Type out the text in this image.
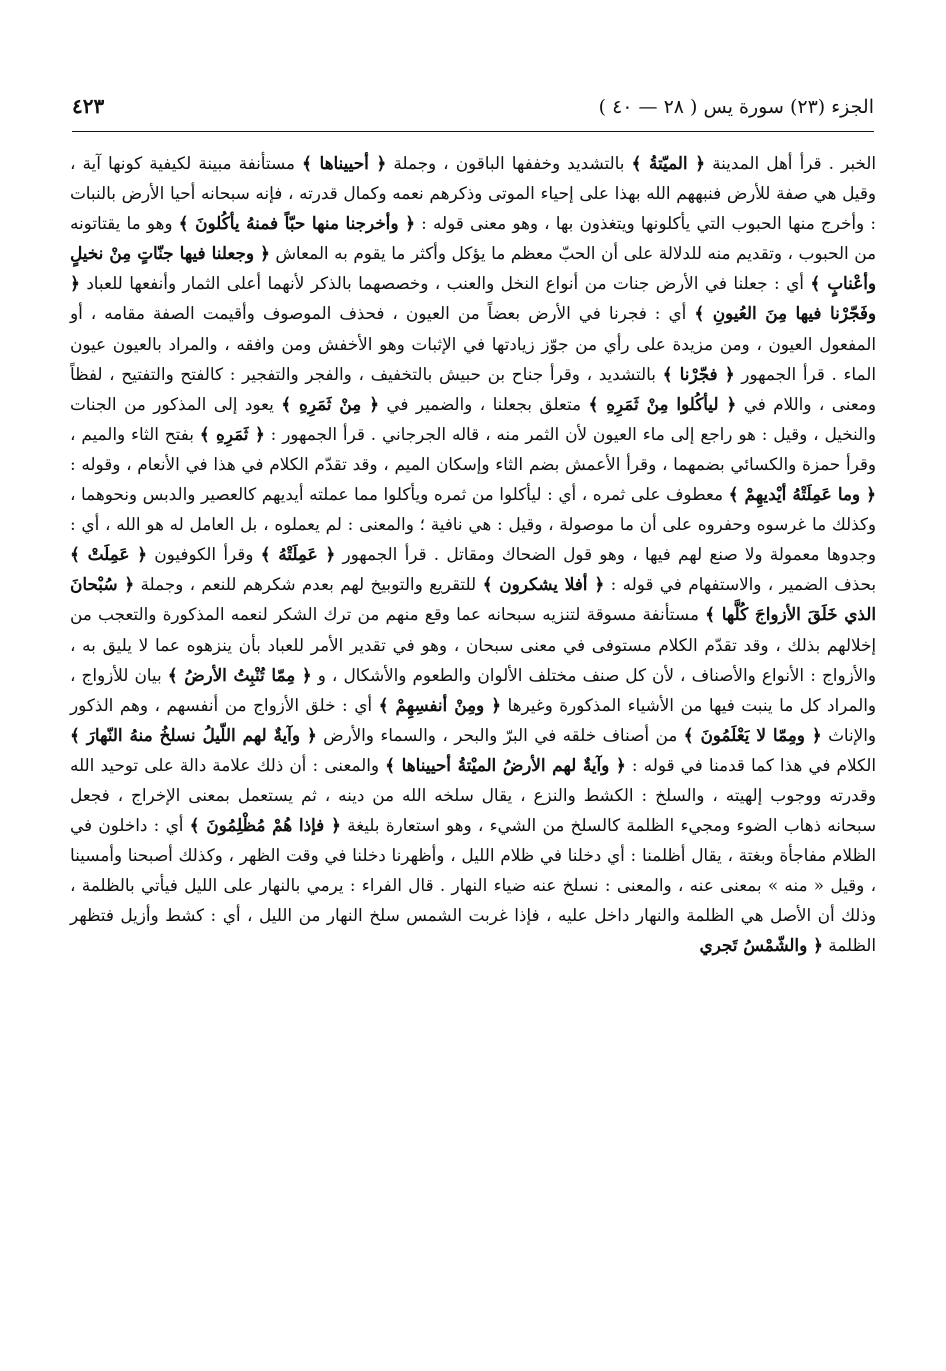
الجزء (٢٣) سورة يس ( ٢٨ — ٤٠ )
٤٢٣

الخبر . قرأ أهل المدينة ﴿ الميّتةُ ﴾ بالتشديد وخففها الباقون ، وجملة ﴿ أحييناها ﴾ مستأنفة مبينة لكيفية كونها آية ، وقيل هي صفة للأرض فنبههم الله بهذا على إحياء الموتى وذكرهم نعمه وكمال قدرته ، فإنه سبحانه أحيا الأرض بالنبات : وأخرج منها الحبوب التي يأكلونها ويتغذون بها ، وهو معنى قوله : ﴿ وأخرجنا منها حبّاً فمنهُ يأكُلونَ ﴾ وهو ما يقتاتونه من الحبوب ، وتقديم منه للدلالة على أن الحبّ معظم ما يؤكل وأكثر ما يقوم به المعاش ﴿ وجعلنا فيها جنّاتٍ مِنْ نخيلٍ وأعْنابٍ ﴾ أي : جعلنا في الأرض جنات من أنواع النخل والعنب ، وخصصهما بالذكر لأنهما أعلى الثمار وأنفعها للعباد ﴿ وفَجّرْنا فيها مِنَ العُيونِ ﴾ أي : فجرنا في الأرض بعضاً من العيون ، فحذف الموصوف وأقيمت الصفة مقامه ، أو المفعول العيون ، ومن مزيدة على رأي من جوّز زيادتها في الإثبات وهو الأخفش ومن وافقه ، والمراد بالعيون عيون الماء . قرأ الجمهور ﴿ فجّرْنا ﴾ بالتشديد ، وقرأ جناح بن حبيش بالتخفيف ، والفجر والتفجير : كالفتح والتفتيح ، لفظاً ومعنى ، واللام في ﴿ ليأكُلوا مِنْ ثَمَرِهِ ﴾ متعلق بجعلنا ، والضمير في ﴿ مِنْ ثَمَرِهِ ﴾ يعود إلى المذكور من الجنات والنخيل ، وقيل : هو راجع إلى ماء العيون لأن الثمر منه ، قاله الجرجاني . قرأ الجمهور : ﴿ ثَمَرِهِ ﴾ بفتح الثاء والميم ، وقرأ حمزة والكسائي بضمهما ، وقرأ الأعمش بضم الثاء وإسكان الميم ، وقد تقدّم الكلام في هذا في الأنعام ، وقوله : ﴿ وما عَمِلَتْهُ أيْديهِمْ ﴾ معطوف على ثمره ، أي : ليأكلوا من ثمره ويأكلوا مما عملته أيديهم كالعصير والدبس ونحوهما ، وكذلك ما غرسوه وحفروه على أن ما موصولة ، وقيل : هي نافية ؛ والمعنى : لم يعملوه ، بل العامل له هو الله ، أي : وجدوها معمولة ولا صنع لهم فيها ، وهو قول الضحاك ومقاتل . قرأ الجمهور ﴿ عَمِلَتْهُ ﴾ وقرأ الكوفيون ﴿ عَمِلَتْ ﴾ بحذف الضمير ، والاستفهام في قوله : ﴿ أفلا يشكرون ﴾ للتقريع والتوبيخ لهم بعدم شكرهم للنعم ، وجملة ﴿ سُبْحانَ الذي خَلَقَ الأزواجَ كُلَّها ﴾ مستأنفة مسوقة لتنزيه سبحانه عما وقع منهم من ترك الشكر لنعمه المذكورة والتعجب من إخلالهم بذلك ، وقد تقدّم الكلام مستوفى في معنى سبحان ، وهو في تقدير الأمر للعباد بأن ينزهوه عما لا يليق به ، والأزواج : الأنواع والأصناف ، لأن كل صنف مختلف الألوان والطعوم والأشكال ، و ﴿ مِمّا تُنْبِتُ الأرضُ ﴾ بيان للأزواج ، والمراد كل ما ينبت فيها من الأشياء المذكورة وغيرها ﴿ ومِنْ أنفسِهِمْ ﴾ أي : خلق الأزواج من أنفسهم ، وهم الذكور والإناث ﴿ ومِمّا لا يَعْلَمُونَ ﴾ من أصناف خلقه في البرّ والبحر ، والسماء والأرض ﴿ وآيةٌ لهم اللّيلُ نسلخُ منهُ النّهارَ ﴾ الكلام في هذا كما قدمنا في قوله : ﴿ وآيةٌ لهم الأرضُ الميْتةُ أحييناها ﴾ والمعنى : أن ذلك علامة دالة على توحيد الله وقدرته ووجوب إلهيته ، والسلخ : الكشط والنزع ، يقال سلخه الله من دينه ، ثم يستعمل بمعنى الإخراج ، فجعل سبحانه ذهاب الضوء ومجيء الظلمة كالسلخ من الشيء ، وهو استعارة بليغة ﴿ فإذا هُمْ مُظْلِمُونَ ﴾ أي : داخلون في الظلام مفاجأة وبغتة ، يقال أظلمنا : أي دخلنا في ظلام الليل ، وأظهرنا دخلنا في وقت الظهر ، وكذلك أصبحنا وأمسينا ، وقيل « منه » بمعنى عنه ، والمعنى : نسلخ عنه ضياء النهار . قال الفراء : يرمي بالنهار على الليل فيأتي بالظلمة ، وذلك أن الأصل هي الظلمة والنهار داخل عليه ، فإذا غربت الشمس سلخ النهار من الليل ، أي : كشط وأزيل فتظهر الظلمة ﴿ والشّمْسُ تَجري
